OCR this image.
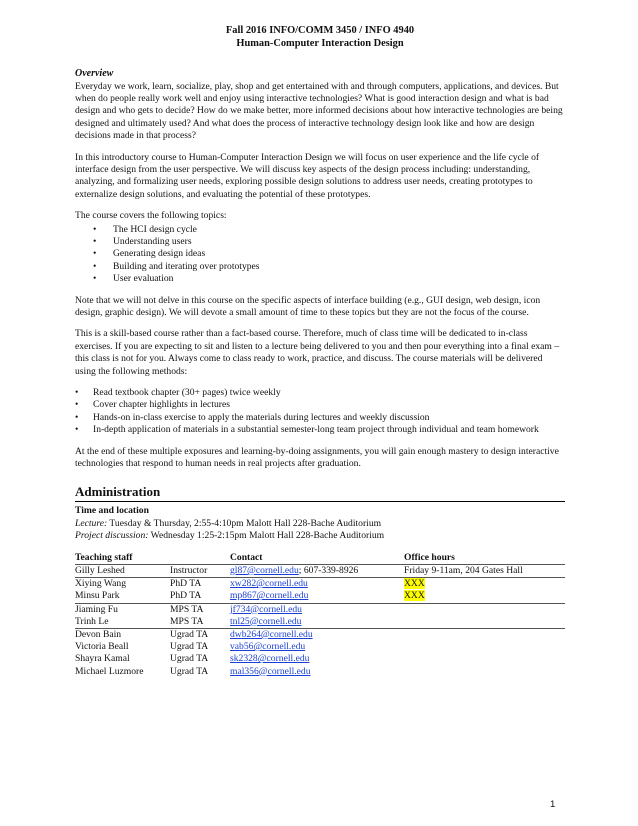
Fall 2016 INFO/COMM 3450 / INFO 4940
Human-Computer Interaction Design
Overview

Everyday we work, learn, socialize, play, shop and get entertained with and through computers, applications, and devices. But when do people really work well and enjoy using interactive technologies? What is good interaction design and what is bad design and who gets to decide? How do we make better, more informed decisions about how interactive technologies are being designed and ultimately used? And what does the process of interactive technology design look like and how are design decisions made in that process?

In this introductory course to Human-Computer Interaction Design we will focus on user experience and the life cycle of interface design from the user perspective. We will discuss key aspects of the design process including: understanding, analyzing, and formalizing user needs, exploring possible design solutions to address user needs, creating prototypes to externalize design solutions, and evaluating the potential of these prototypes.

The course covers the following topics:
• The HCI design cycle
• Understanding users
• Generating design ideas
• Building and iterating over prototypes
• User evaluation

Note that we will not delve in this course on the specific aspects of interface building (e.g., GUI design, web design, icon design, graphic design). We will devote a small amount of time to these topics but they are not the focus of the course.

This is a skill-based course rather than a fact-based course. Therefore, much of class time will be dedicated to in-class exercises. If you are expecting to sit and listen to a lecture being delivered to you and then pour everything into a final exam – this class is not for you. Always come to class ready to work, practice, and discuss. The course materials will be delivered using the following methods:

• Read textbook chapter (30+ pages) twice weekly
• Cover chapter highlights in lectures
• Hands-on in-class exercise to apply the materials during lectures and weekly discussion
• In-depth application of materials in a substantial semester-long team project through individual and team homework

At the end of these multiple exposures and learning-by-doing assignments, you will gain enough mastery to design interactive technologies that respond to human needs in real projects after graduation.

Administration
Time and location
Lecture: Tuesday & Thursday, 2:55-4:10pm Malott Hall 228-Bache Auditorium
Project discussion: Wednesday 1:25-2:15pm Malott Hall 228-Bache Auditorium
Teaching staff		Contact	Office hours
Gilly Leshed	Instructor	gl87@cornell.edu; 607-339-8926	Friday 9-11am, 204 Gates Hall
Xiying Wang	PhD TA	xw282@cornell.edu	XXX
Minsu Park	PhD TA	mp867@cornell.edu	XXX
Jiaming Fu	MPS TA	jf734@cornell.edu	
Trinh Le	MPS TA	tnl25@cornell.edu	
Devon Bain	Ugrad TA	dwb264@cornell.edu	
Victoria Beall	Ugrad TA	vab56@cornell.edu	
Shayra Kamal	Ugrad TA	sk2328@cornell.edu	
Michael Luzmore	Ugrad TA	mal356@cornell.edu	
1
